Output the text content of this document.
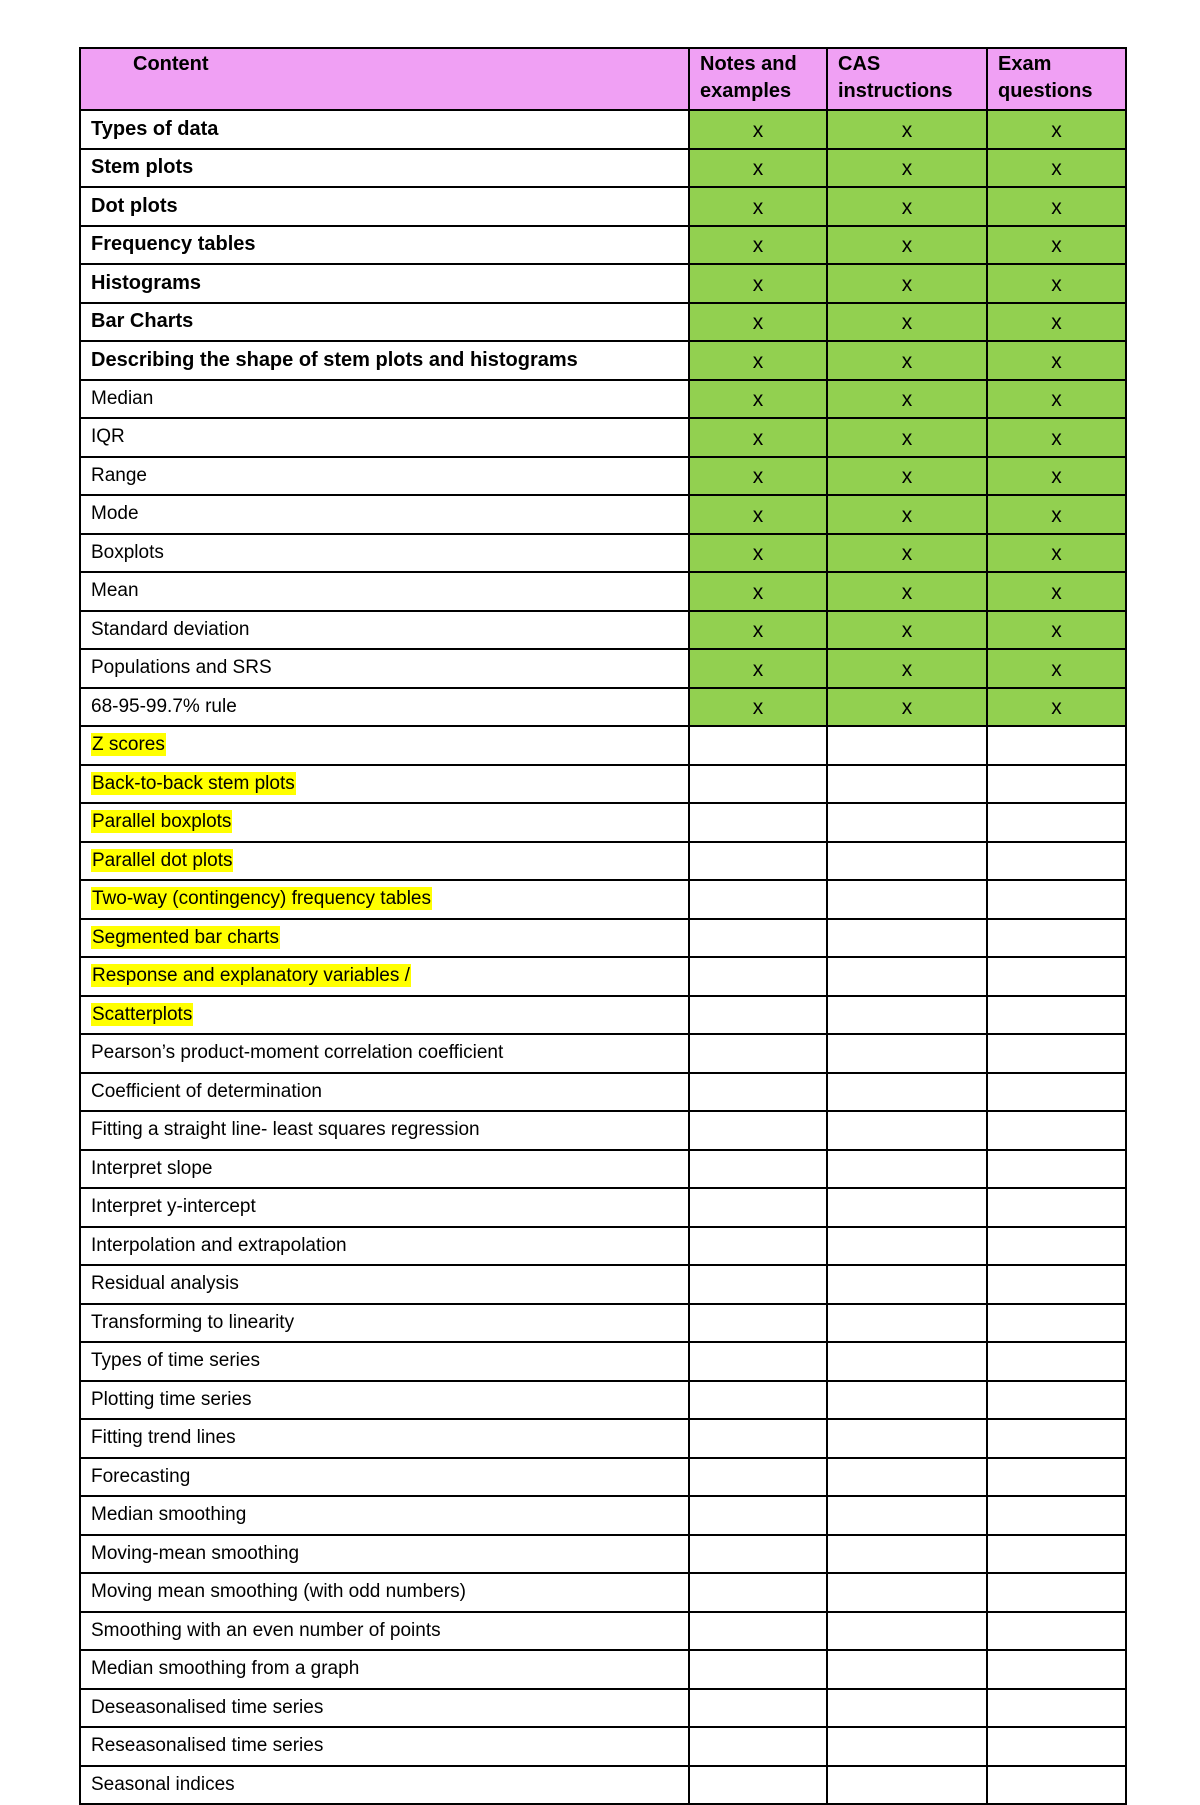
Content	Notes and examples	CAS instructions	Exam questions
Types of data	x	x	x
Stem plots	x	x	x
Dot plots	x	x	x
Frequency tables	x	x	x
Histograms	x	x	x
Bar Charts	x	x	x
Describing the shape of stem plots and histograms	x	x	x
Median	x	x	x
IQR	x	x	x
Range	x	x	x
Mode	x	x	x
Boxplots	x	x	x
Mean	x	x	x
Standard deviation	x	x	x
Populations and SRS	x	x	x
68-95-99.7% rule	x	x	x
Z scores			
Back-to-back stem plots			
Parallel boxplots			
Parallel dot plots			
Two-way (contingency) frequency tables			
Segmented bar charts			
Response and explanatory variables /			
Scatterplots			
Pearson’s product-moment correlation coefficient			
Coefficient of determination			
Fitting a straight line- least squares regression			
Interpret slope			
Interpret y-intercept			
Interpolation and extrapolation			
Residual analysis			
Transforming to linearity			
Types of time series			
Plotting time series			
Fitting trend lines			
Forecasting			
Median smoothing			
Moving-mean smoothing			
Moving mean smoothing (with odd numbers)			
Smoothing with an even number of points			
Median smoothing from a graph			
Deseasonalised time series			
Reseasonalised time series			
Seasonal indices			
